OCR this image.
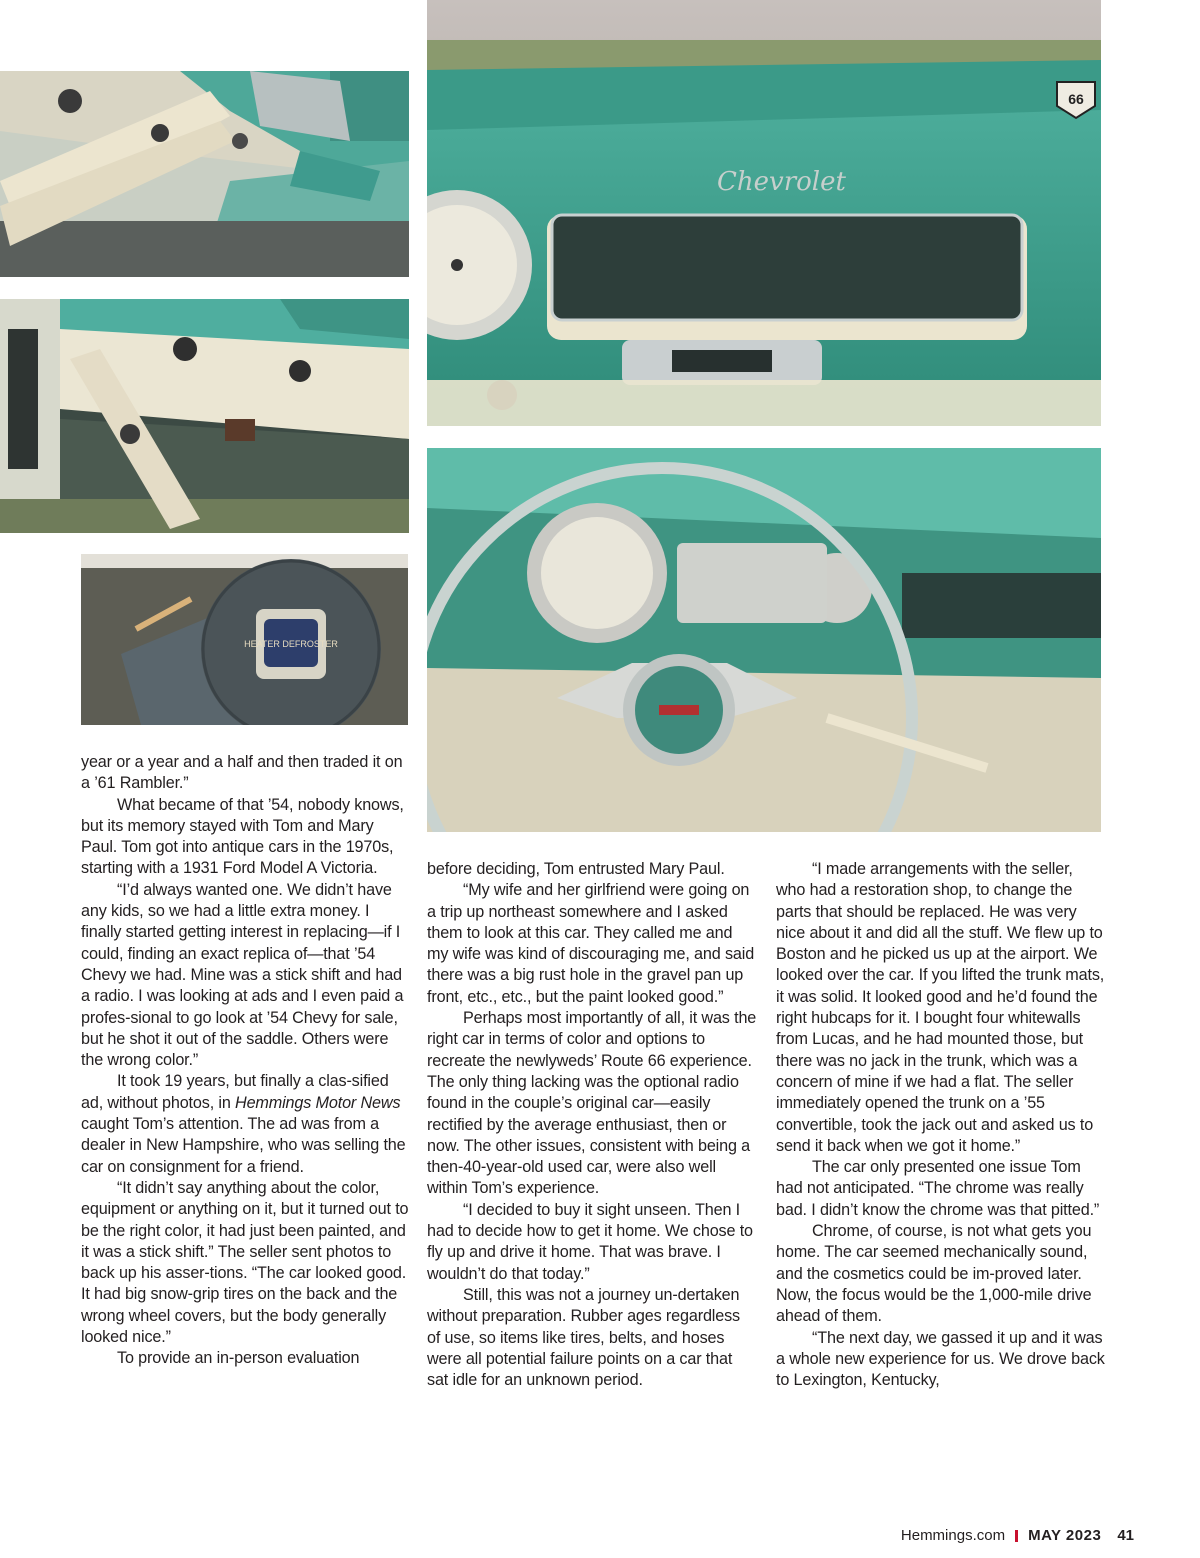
HEATER DEFROSTER
Chevrolet
66

year or a year and a half and then traded it on a ’61 Rambler.”

What became of that ’54, nobody knows, but its memory stayed with Tom and Mary Paul. Tom got into antique cars in the 1970s, starting with a 1931 Ford Model A Victoria.

“I’d always wanted one. We didn’t have any kids, so we had a little extra money. I finally started getting interest in replacing—if I could, finding an exact replica of—that ’54 Chevy we had. Mine was a stick shift and had a radio. I was looking at ads and I even paid a profes-sional to go look at ’54 Chevy for sale, but he shot it out of the saddle. Others were the wrong color.”

It took 19 years, but finally a clas-sified ad, without photos, in Hemmings Motor News caught Tom’s attention. The ad was from a dealer in New Hampshire, who was selling the car on consignment for a friend.

“It didn’t say anything about the color, equipment or anything on it, but it turned out to be the right color, it had just been painted, and it was a stick shift.” The seller sent photos to back up his asser-tions. “The car looked good. It had big snow-grip tires on the back and the wrong wheel covers, but the body generally looked nice.”

To provide an in-person evaluation

before deciding, Tom entrusted Mary Paul.

“My wife and her girlfriend were going on a trip up northeast somewhere and I asked them to look at this car. They called me and my wife was kind of discouraging me, and said there was a big rust hole in the gravel pan up front, etc., etc., but the paint looked good.”

Perhaps most importantly of all, it was the right car in terms of color and options to recreate the newlyweds’ Route 66 experience. The only thing lacking was the optional radio found in the couple’s original car—easily rectified by the average enthusiast, then or now. The other issues, consistent with being a then-40-year-old used car, were also well within Tom’s experience.

“I decided to buy it sight unseen. Then I had to decide how to get it home. We chose to fly up and drive it home. That was brave. I wouldn’t do that today.”

Still, this was not a journey un-dertaken without preparation. Rubber ages regardless of use, so items like tires, belts, and hoses were all potential failure points on a car that sat idle for an unknown period.

“I made arrangements with the seller, who had a restoration shop, to change the parts that should be replaced. He was very nice about it and did all the stuff. We flew up to Boston and he picked us up at the airport. We looked over the car. If you lifted the trunk mats, it was solid. It looked good and he’d found the right hubcaps for it. I bought four whitewalls from Lucas, and he had mounted those, but there was no jack in the trunk, which was a concern of mine if we had a flat. The seller immediately opened the trunk on a ’55 convertible, took the jack out and asked us to send it back when we got it home.”

The car only presented one issue Tom had not anticipated. “The chrome was really bad. I didn’t know the chrome was that pitted.”

Chrome, of course, is not what gets you home. The car seemed mechanically sound, and the cosmetics could be im-proved later. Now, the focus would be the 1,000-mile drive ahead of them.

“The next day, we gassed it up and it was a whole new experience for us. We drove back to Lexington, Kentucky,

Hemmings.com MAY 2023 41
